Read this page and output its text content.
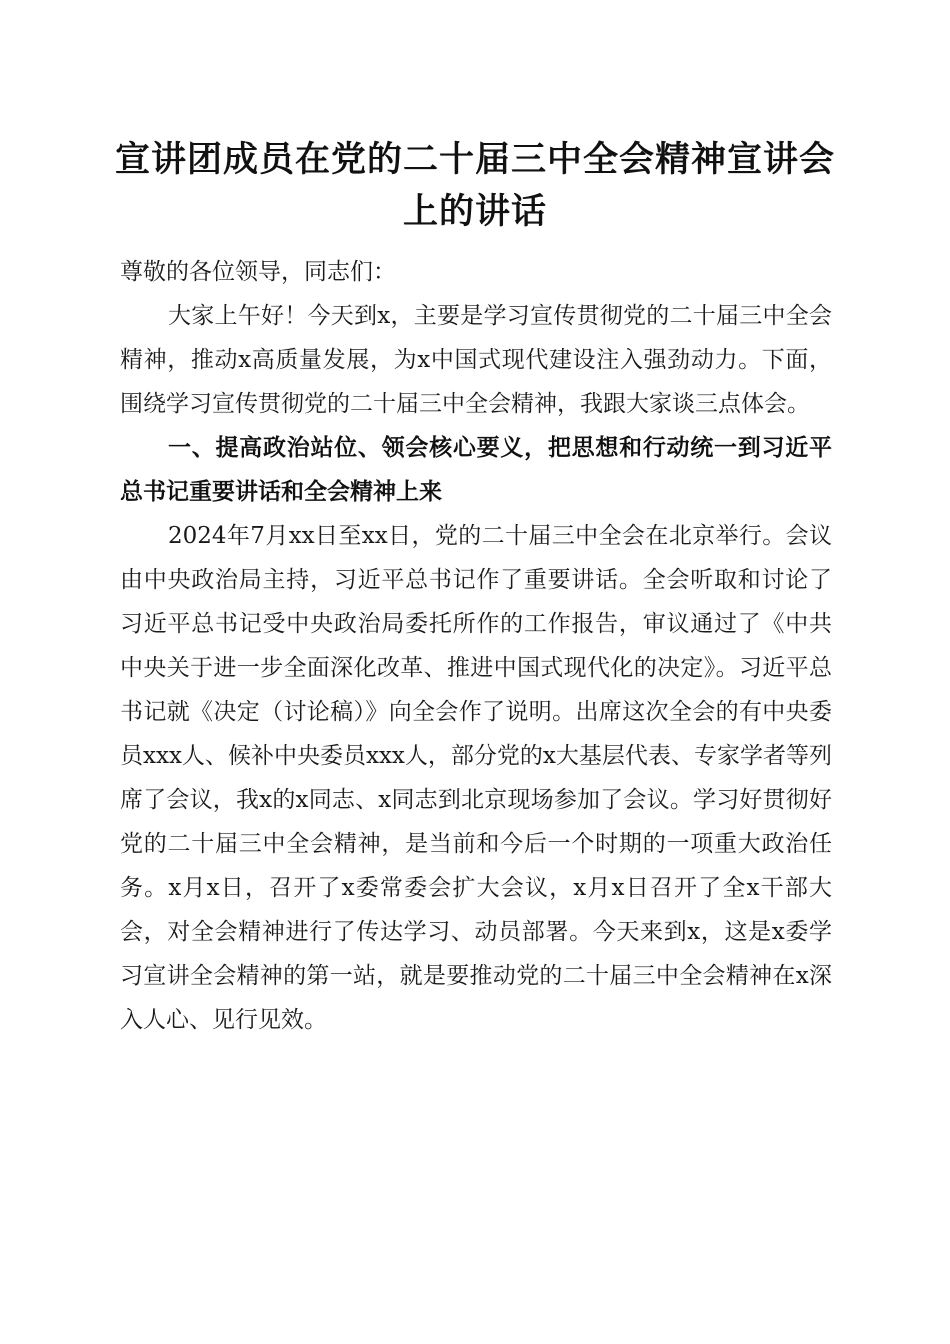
宣讲团成员在党的二十届三中全会精神宣讲会上的讲话

尊敬的各位领导，同志们：

大家上午好！今天到x，主要是学习宣传贯彻党的二十届三中全会精神，推动x高质量发展，为x中国式现代建设注入强劲动力。下面，围绕学习宣传贯彻党的二十届三中全会精神，我跟大家谈三点体会。

一、提高政治站位、领会核心要义，把思想和行动统一到习近平总书记重要讲话和全会精神上来

2024年7月xx日至xx日，党的二十届三中全会在北京举行。会议由中央政治局主持，习近平总书记作了重要讲话。全会听取和讨论了习近平总书记受中央政治局委托所作的工作报告，审议通过了《中共中央关于进一步全面深化改革、推进中国式现代化的决定》。习近平总书记就《决定（讨论稿）》向全会作了说明。出席这次全会的有中央委员xxx人、候补中央委员xxx人，部分党的x大基层代表、专家学者等列席了会议，我x的x同志、x同志到北京现场参加了会议。学习好贯彻好党的二十届三中全会精神，是当前和今后一个时期的一项重大政治任务。x月x日，召开了x委常委会扩大会议，x月x日召开了全x干部大会，对全会精神进行了传达学习、动员部署。今天来到x，这是x委学习宣讲全会精神的第一站，就是要推动党的二十届三中全会精神在x深入人心、见行见效。
